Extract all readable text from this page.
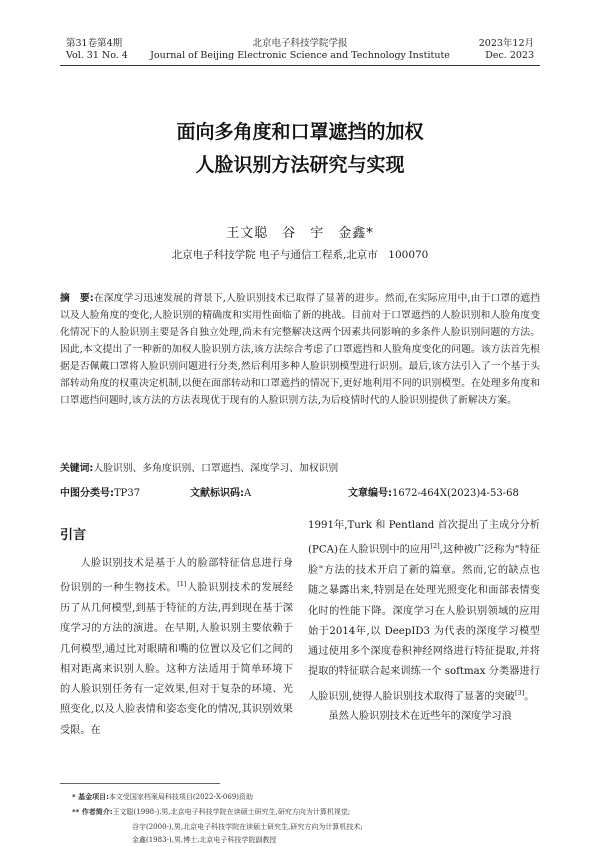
第31卷第4期
Vol. 31 No. 4
北京电子科技学院学报
Journal of Beijing Electronic Science and Technology Institute
2023年12月
Dec. 2023
面向多角度和口罩遮挡的加权
人脸识别方法研究与实现
王文聪　谷　宇　金鑫*
北京电子科技学院 电子与通信工程系,北京市　100070
摘　要:在深度学习迅速发展的背景下,人脸识别技术已取得了显著的进步。然而,在实际应用中,由于口罩的遮挡以及人脸角度的变化,人脸识别的精确度和实用性面临了新的挑战。目前对于口罩遮挡的人脸识别和人脸角度变化情况下的人脸识别主要是各自独立处理,尚未有完整解决这两个因素共同影响的多条件人脸识别问题的方法。因此,本文提出了一种新的加权人脸识别方法,该方法综合考虑了口罩遮挡和人脸角度变化的问题。该方法首先根据是否佩戴口罩将人脸识别问题进行分类,然后利用多种人脸识别模型进行识别。最后,该方法引入了一个基于头部转动角度的权重决定机制,以便在面部转动和口罩遮挡的情况下,更好地利用不同的识别模型。在处理多角度和口罩遮挡问题时,该方法的方法表现优于现有的人脸识别方法,为后疫情时代的人脸识别提供了新解决方案。
关键词:人脸识别、多角度识别、口罩遮挡、深度学习、加权识别
中图分类号:TP37	文献标识码:A	文章编号:1672-464X(2023)4-53-68
引言

人脸识别技术是基于人的脸部特征信息进行身份识别的一种生物技术。[1]人脸识别技术的发展经历了从几何模型,到基于特征的方法,再到现在基于深度学习的方法的演进。在早期,人脸识别主要依赖于几何模型,通过比对眼睛和嘴的位置以及它们之间的相对距离来识别人脸。这种方法适用于简单环境下的人脸识别任务有一定效果,但对于复杂的环境、光照变化,以及人脸表情和姿态变化的情况,其识别效果受限。在

1991年,Turk 和 Pentland 首次提出了主成分分析(PCA)在人脸识别中的应用[2],这种被广泛称为"特征脸"方法的技术开启了新的篇章。然而,它的缺点也随之暴露出来,特别是在处理光照变化和面部表情变化时的性能下降。深度学习在人脸识别领域的应用始于2014年,以 DeepID3 为代表的深度学习模型通过使用多个深度卷积神经网络进行特征提取,并将提取的特征联合起来训练一个 softmax 分类器进行人脸识别,使得人脸识别技术取得了显著的突破[3]。

虽然人脸识别技术在近些年的深度学习浪

* 基金项目:本文受国家档案局科技项目(2022-X-069)资助
** 作者简介:王文聪(1998-),男,北京电子科技学院在读硕士研究生,研究方向为计算机视觉;
谷宇(2000-),男,北京电子科技学院在读硕士研究生,研究方向为计算机技术;
金鑫(1983-),男,博士,北京电子科技学院副教授
